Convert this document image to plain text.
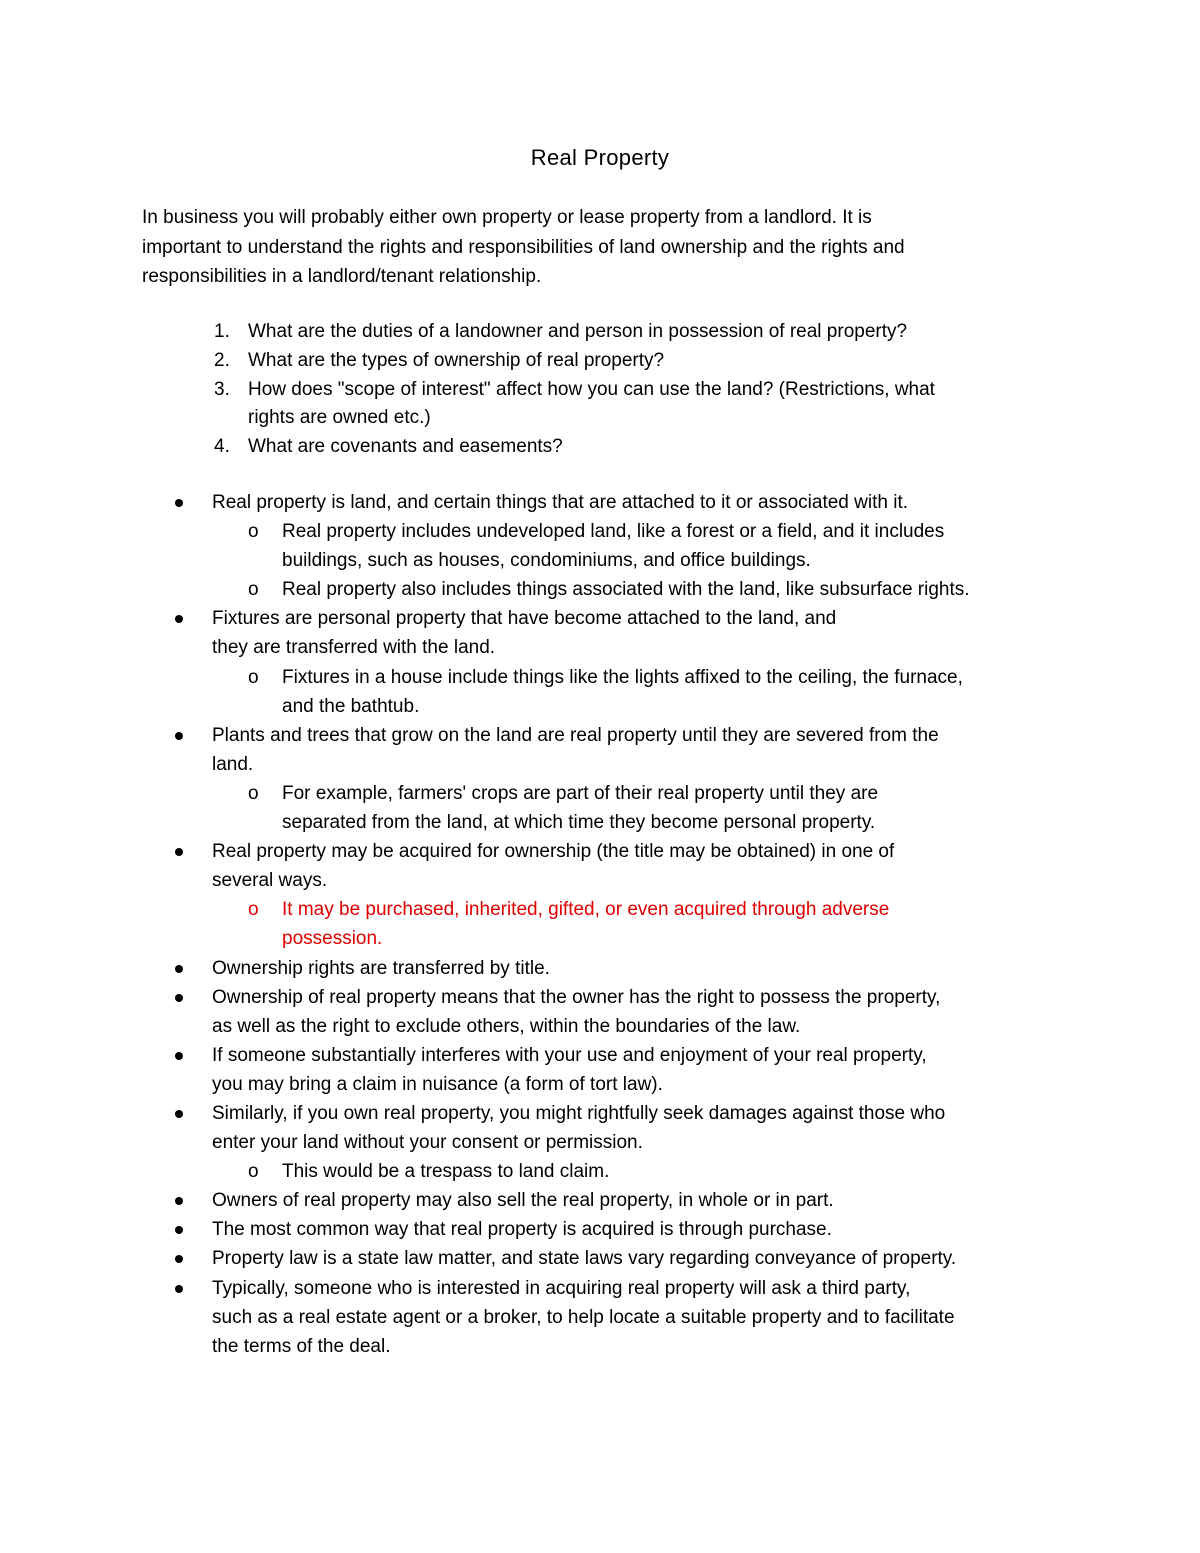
Real Property
In business you will probably either own property or lease property from a landlord. It is
important to understand the rights and responsibilities of land ownership and the rights and
responsibilities in a landlord/tenant relationship.
1. What are the duties of a landowner and person in possession of real property?
2. What are the types of ownership of real property?
3. How does "scope of interest" affect how you can use the land? (Restrictions, what
rights are owned etc.)
4. What are covenants and easements?
Real property is land, and certain things that are attached to it or associated with it.
o Real property includes undeveloped land, like a forest or a field, and it includes
buildings, such as houses, condominiums, and office buildings.
o Real property also includes things associated with the land, like subsurface rights.
Fixtures are personal property that have become attached to the land, and
they are transferred with the land.
o Fixtures in a house include things like the lights affixed to the ceiling, the furnace,
and the bathtub.
Plants and trees that grow on the land are real property until they are severed from the
land.
o For example, farmers' crops are part of their real property until they are
separated from the land, at which time they become personal property.
Real property may be acquired for ownership (the title may be obtained) in one of
several ways.
o It may be purchased, inherited, gifted, or even acquired through adverse
possession.
Ownership rights are transferred by title.
Ownership of real property means that the owner has the right to possess the property,
as well as the right to exclude others, within the boundaries of the law.
If someone substantially interferes with your use and enjoyment of your real property,
you may bring a claim in nuisance (a form of tort law).
Similarly, if you own real property, you might rightfully seek damages against those who
enter your land without your consent or permission.
o This would be a trespass to land claim.
Owners of real property may also sell the real property, in whole or in part.
The most common way that real property is acquired is through purchase.
Property law is a state law matter, and state laws vary regarding conveyance of property.
Typically, someone who is interested in acquiring real property will ask a third party,
such as a real estate agent or a broker, to help locate a suitable property and to facilitate
the terms of the deal.
